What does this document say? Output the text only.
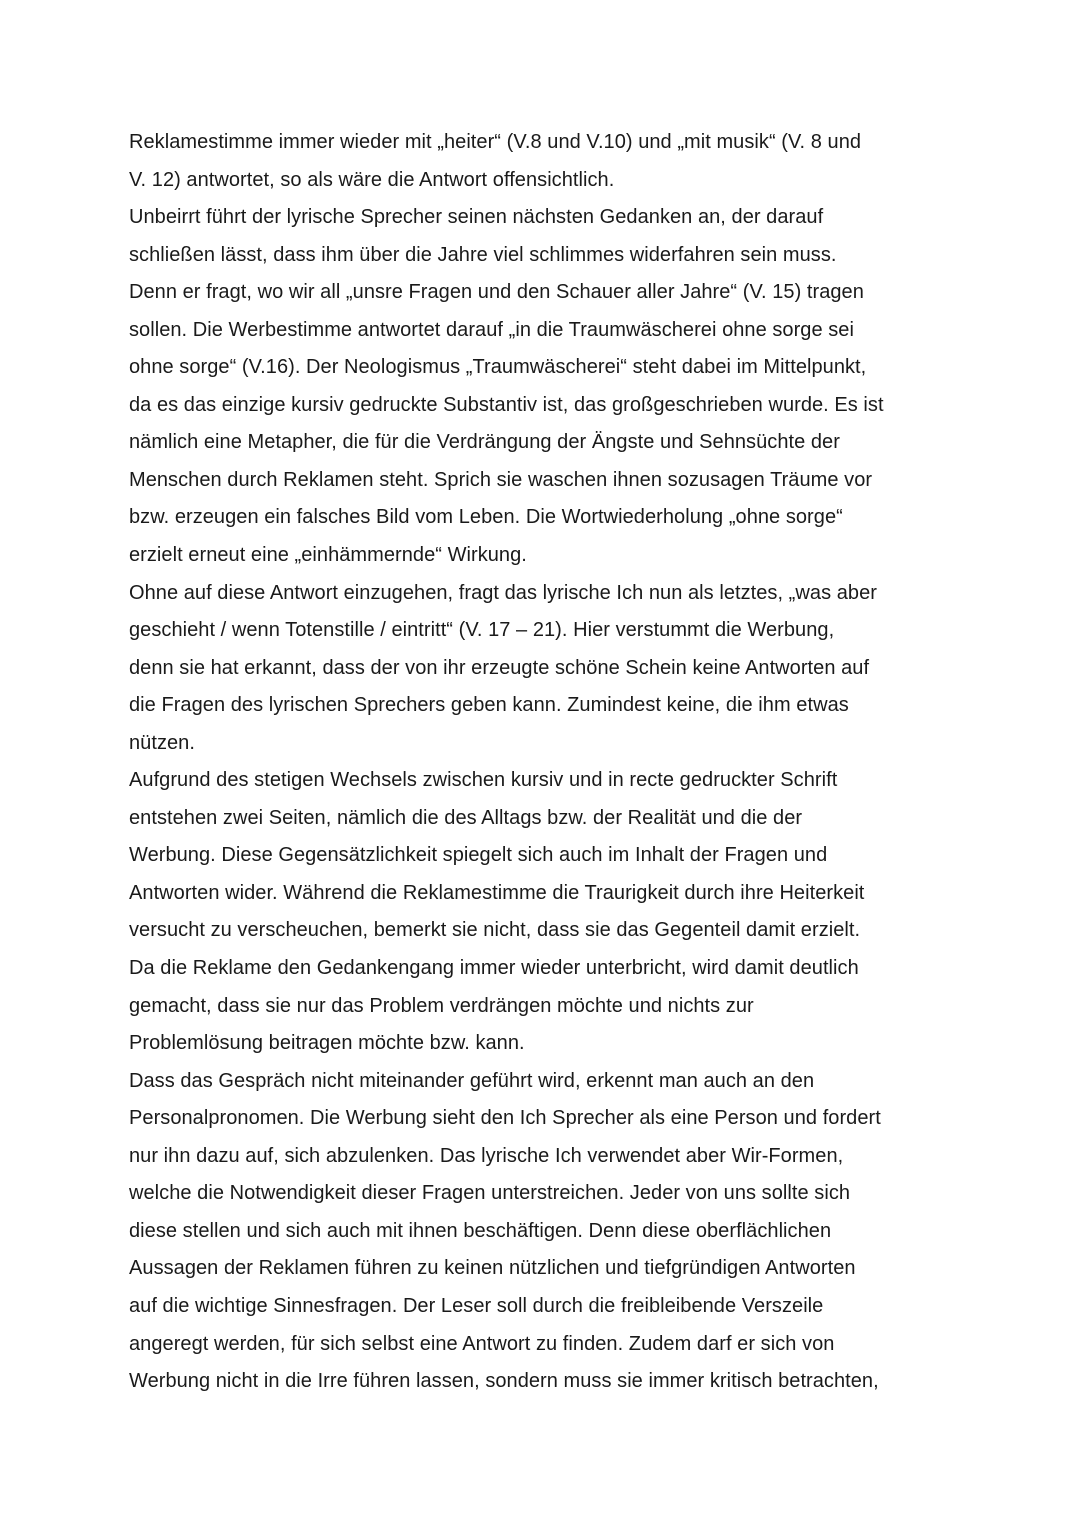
Reklamestimme immer wieder mit „heiter“ (V.8 und V.10) und „mit musik“ (V. 8 und
V. 12) antwortet, so als wäre die Antwort offensichtlich.
Unbeirrt führt der lyrische Sprecher seinen nächsten Gedanken an, der darauf
schließen lässt, dass ihm über die Jahre viel schlimmes widerfahren sein muss.
Denn er fragt, wo wir all „unsre Fragen und den Schauer aller Jahre“ (V. 15) tragen
sollen. Die Werbestimme antwortet darauf „in die Traumwäscherei ohne sorge sei
ohne sorge“ (V.16). Der Neologismus „Traumwäscherei“ steht dabei im Mittelpunkt,
da es das einzige kursiv gedruckte Substantiv ist, das großgeschrieben wurde. Es ist
nämlich eine Metapher, die für die Verdrängung der Ängste und Sehnsüchte der
Menschen durch Reklamen steht. Sprich sie waschen ihnen sozusagen Träume vor
bzw. erzeugen ein falsches Bild vom Leben. Die Wortwiederholung „ohne sorge“
erzielt erneut eine „einhämmernde“ Wirkung.
Ohne auf diese Antwort einzugehen, fragt das lyrische Ich nun als letztes, „was aber
geschieht / wenn Totenstille / eintritt“ (V. 17 – 21). Hier verstummt die Werbung,
denn sie hat erkannt, dass der von ihr erzeugte schöne Schein keine Antworten auf
die Fragen des lyrischen Sprechers geben kann. Zumindest keine, die ihm etwas
nützen.
Aufgrund des stetigen Wechsels zwischen kursiv und in recte gedruckter Schrift
entstehen zwei Seiten, nämlich die des Alltags bzw. der Realität und die der
Werbung. Diese Gegensätzlichkeit spiegelt sich auch im Inhalt der Fragen und
Antworten wider. Während die Reklamestimme die Traurigkeit durch ihre Heiterkeit
versucht zu verscheuchen, bemerkt sie nicht, dass sie das Gegenteil damit erzielt.
Da die Reklame den Gedankengang immer wieder unterbricht, wird damit deutlich
gemacht, dass sie nur das Problem verdrängen möchte und nichts zur
Problemlösung beitragen möchte bzw. kann.
Dass das Gespräch nicht miteinander geführt wird, erkennt man auch an den
Personalpronomen. Die Werbung sieht den Ich Sprecher als eine Person und fordert
nur ihn dazu auf, sich abzulenken. Das lyrische Ich verwendet aber Wir-Formen,
welche die Notwendigkeit dieser Fragen unterstreichen. Jeder von uns sollte sich
diese stellen und sich auch mit ihnen beschäftigen. Denn diese oberflächlichen
Aussagen der Reklamen führen zu keinen nützlichen und tiefgründigen Antworten
auf die wichtige Sinnesfragen. Der Leser soll durch die freibleibende Verszeile
angeregt werden, für sich selbst eine Antwort zu finden. Zudem darf er sich von
Werbung nicht in die Irre führen lassen, sondern muss sie immer kritisch betrachten,
